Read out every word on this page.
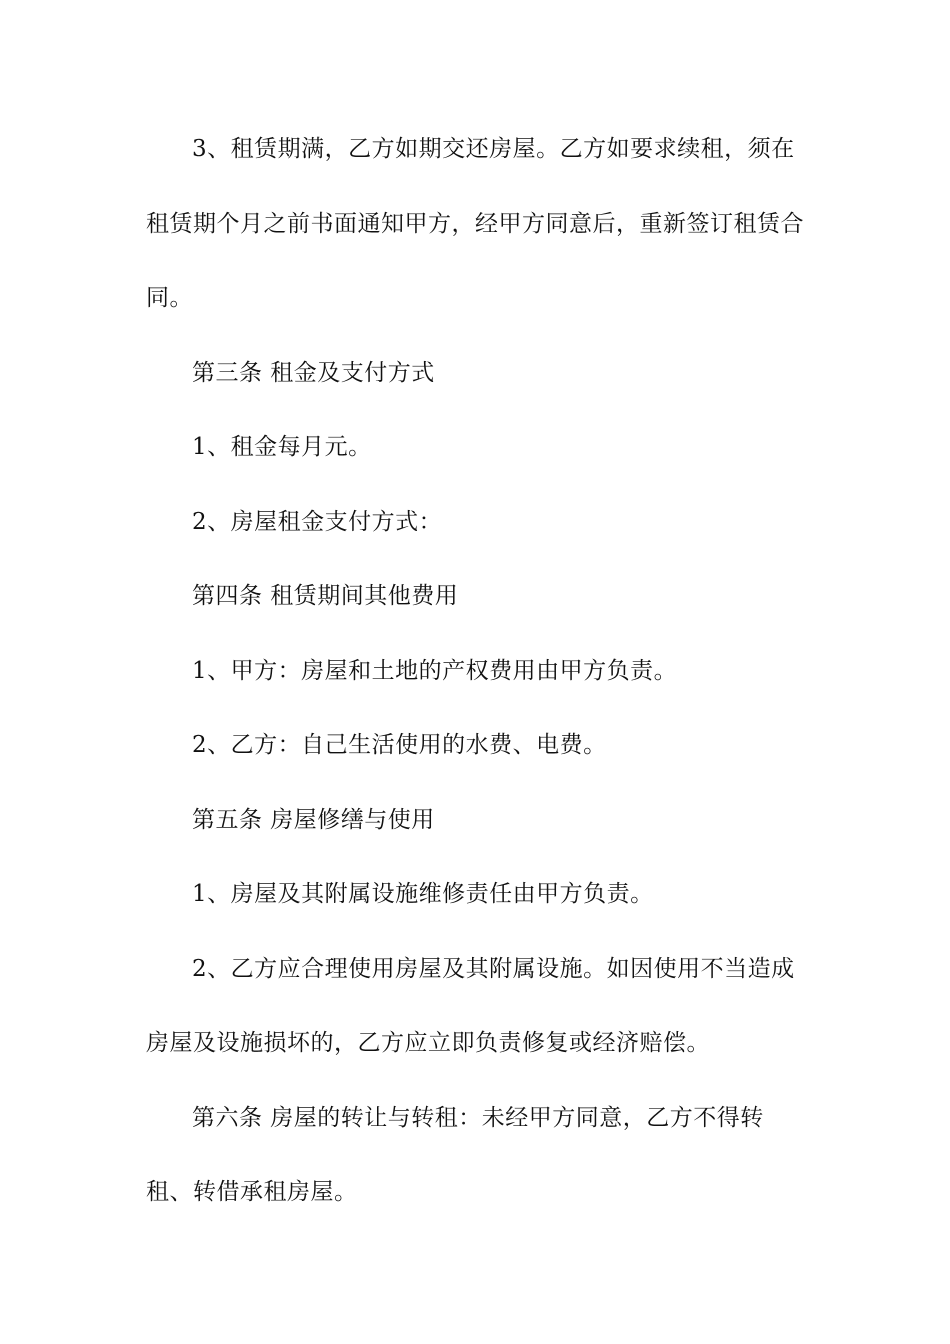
3、租赁期满，乙方如期交还房屋。乙方如要求续租，须在租赁期个月之前书面通知甲方，经甲方同意后，重新签订租赁合同。

第三条 租金及支付方式

1、租金每月元。

2、房屋租金支付方式：

第四条 租赁期间其他费用

1、甲方：房屋和土地的产权费用由甲方负责。

2、乙方：自己生活使用的水费、电费。

第五条 房屋修缮与使用

1、房屋及其附属设施维修责任由甲方负责。

2、乙方应合理使用房屋及其附属设施。如因使用不当造成房屋及设施损坏的，乙方应立即负责修复或经济赔偿。

第六条 房屋的转让与转租：未经甲方同意，乙方不得转租、转借承租房屋。
